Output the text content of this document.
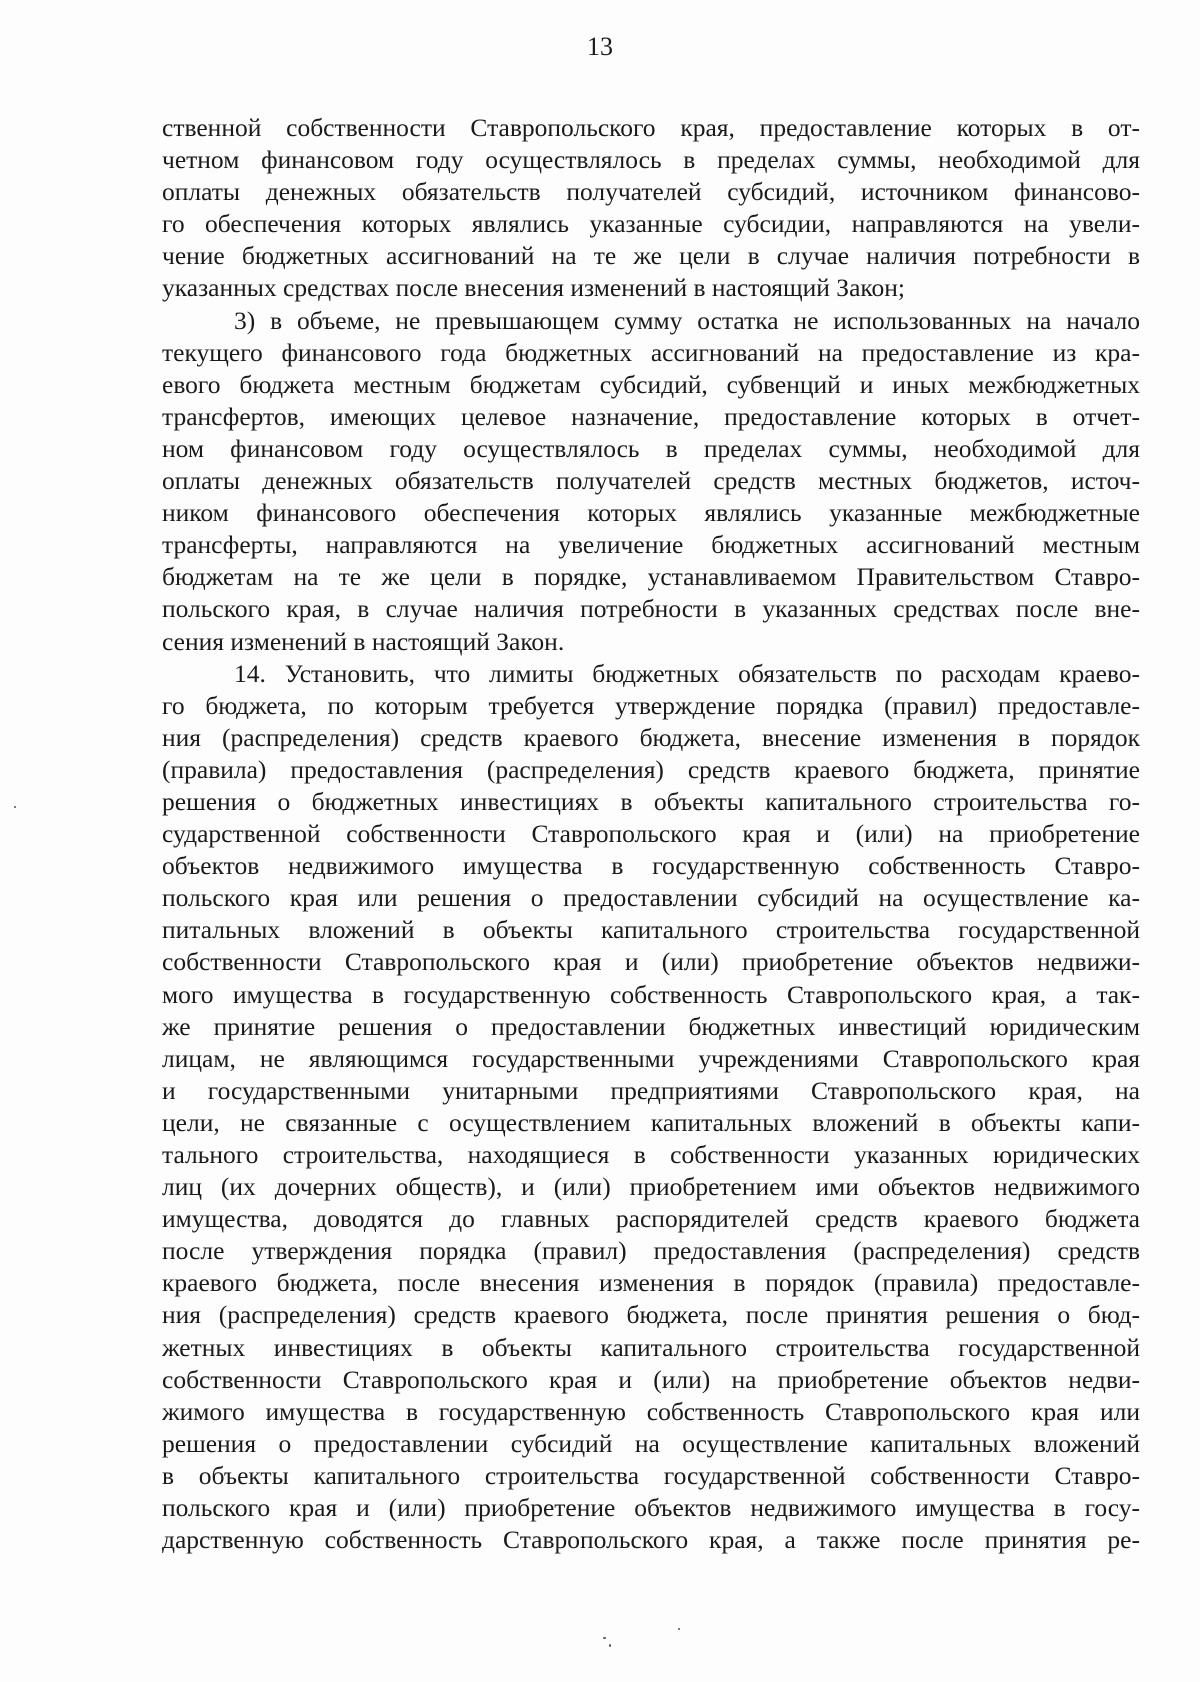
13
ственной собственности Ставропольского края, предоставление которых в от-
четном финансовом году осуществлялось в пределах суммы, необходимой для
оплаты денежных обязательств получателей субсидий, источником финансово-
го обеспечения которых являлись указанные субсидии, направляются на увели-
чение бюджетных ассигнований на те же цели в случае наличия потребности в
указанных средствах после внесения изменений в настоящий Закон;
3) в объеме, не превышающем сумму остатка не использованных на начало
текущего финансового года бюджетных ассигнований на предоставление из кра-
евого бюджета местным бюджетам субсидий, субвенций и иных межбюджетных
трансфертов, имеющих целевое назначение, предоставление которых в отчет-
ном финансовом году осуществлялось в пределах суммы, необходимой для
оплаты денежных обязательств получателей средств местных бюджетов, источ-
ником финансового обеспечения которых являлись указанные межбюджетные
трансферты, направляются на увеличение бюджетных ассигнований местным
бюджетам на те же цели в порядке, устанавливаемом Правительством Ставро-
польского края, в случае наличия потребности в указанных средствах после вне-
сения изменений в настоящий Закон.
14. Установить, что лимиты бюджетных обязательств по расходам краево-
го бюджета, по которым требуется утверждение порядка (правил) предоставле-
ния (распределения) средств краевого бюджета, внесение изменения в порядок
(правила) предоставления (распределения) средств краевого бюджета, принятие
решения о бюджетных инвестициях в объекты капитального строительства го-
сударственной собственности Ставропольского края и (или) на приобретение
объектов недвижимого имущества в государственную собственность Ставро-
польского края или решения о предоставлении субсидий на осуществление ка-
питальных вложений в объекты капитального строительства государственной
собственности Ставропольского края и (или) приобретение объектов недвижи-
мого имущества в государственную собственность Ставропольского края, а так-
же принятие решения о предоставлении бюджетных инвестиций юридическим
лицам, не являющимся государственными учреждениями Ставропольского края
и государственными унитарными предприятиями Ставропольского края, на
цели, не связанные с осуществлением капитальных вложений в объекты капи-
тального строительства, находящиеся в собственности указанных юридических
лиц (их дочерних обществ), и (или) приобретением ими объектов недвижимого
имущества, доводятся до главных распорядителей средств краевого бюджета
после утверждения порядка (правил) предоставления (распределения) средств
краевого бюджета, после внесения изменения в порядок (правила) предоставле-
ния (распределения) средств краевого бюджета, после принятия решения о бюд-
жетных инвестициях в объекты капитального строительства государственной
собственности Ставропольского края и (или) на приобретение объектов недви-
жимого имущества в государственную собственность Ставропольского края или
решения о предоставлении субсидий на осуществление капитальных вложений
в объекты капитального строительства государственной собственности Ставро-
польского края и (или) приобретение объектов недвижимого имущества в госу-
дарственную собственность Ставропольского края, а также после принятия ре-
